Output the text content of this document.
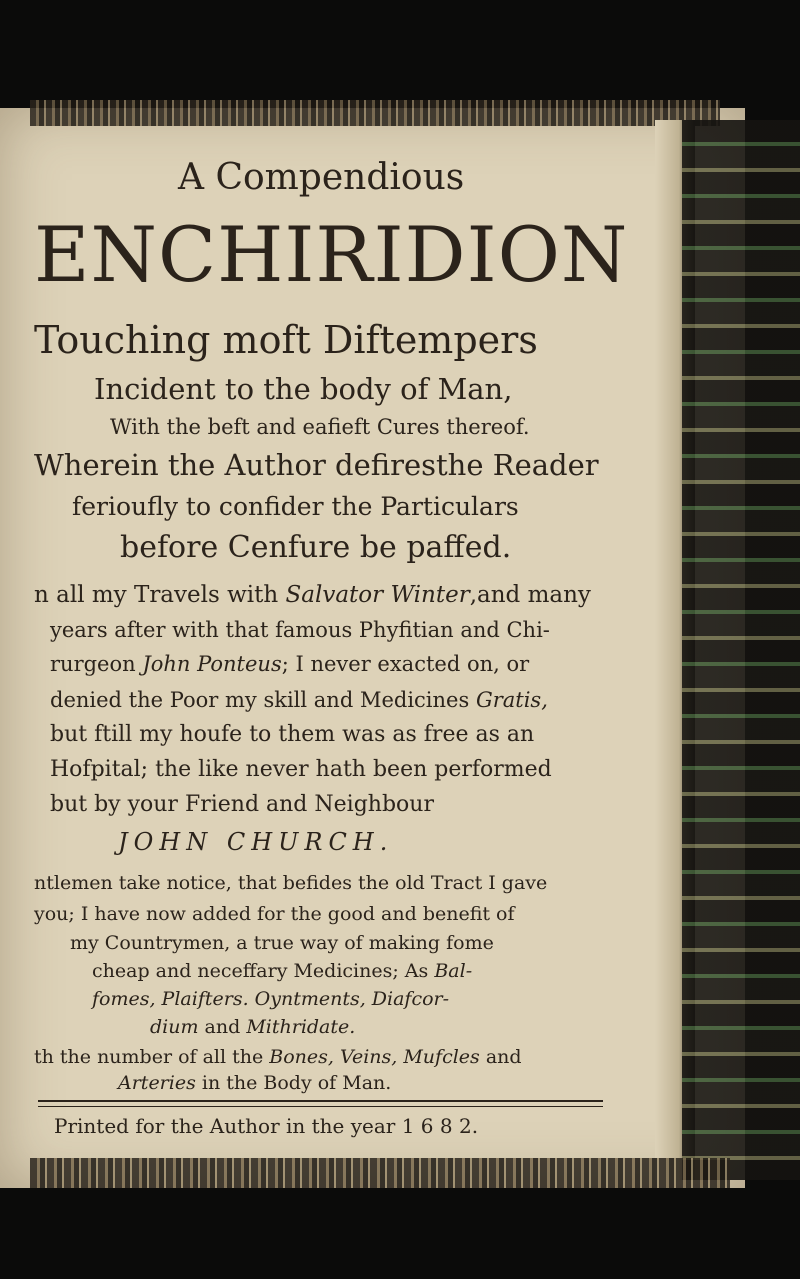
A Compendious
ENCHIRIDION
Touching moft Diftempers
Incident to the body of Man,
With the beft and eafieft Cures thereof.
Wherein the Author defiresthe Reader
ferioufly to confider the Particulars
before Cenfure be paffed.
n all my Travels with Salvator Winter,and many
years after with that famous Phyfitian and Chi-
rurgeon John Ponteus; I never exacted on, or
denied the Poor my skill and Medicines Gratis,
but ftill my houfe to them was as free as an
Hofpital; the like never hath been performed
but by your Friend and Neighbour
JOHN CHURCH.
ntlemen take notice, that befides the old Tract I gave
you; I have now added for the good and benefit of
my Countrymen, a true way of making fome
cheap and neceffary Medicines; As Bal-
fomes, Plaifters. Oyntments, Diafcor-
dium and Mithridate.
th the number of all the Bones, Veins, Mufcles and
Arteries in the Body of Man.
Printed for the Author in the year 1 6 8 2.
